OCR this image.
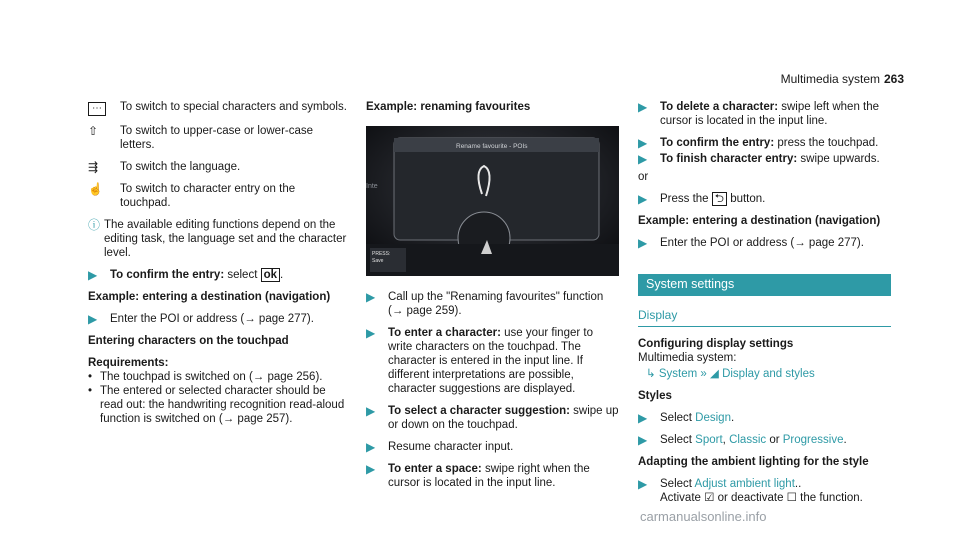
Multimedia system 263
⋯	To switch to special characters and symbols.
⇧	To switch to upper-case or lower-case letters.
⇶	To switch the language.
☝	To switch to character entry on the touchpad.
ⓘ The available editing functions depend on the editing task, the language set and the character level.
▶	To confirm the entry: select ok .
Example: entering a destination (navigation)
▶	Enter the POI or address (→ page 277).
Entering characters on the touchpad
Requirements:
• The touchpad is switched on (→ page 256).
• The entered or selected character should be read out: the handwriting recognition read-aloud function is switched on (→ page 257).
Example: renaming favourites
Rename favourite - POIs
Inte
PRESS:
Save
▶	Call up the "Renaming favourites" function (→ page 259).
▶	To enter a character: use your finger to write characters on the touchpad. The character is entered in the input line. If different interpretations are possible, character suggestions are displayed.
▶	To select a character suggestion: swipe up or down on the touchpad.
▶	Resume character input.
▶	To enter a space: swipe right when the cursor is located in the input line.
▶	To delete a character: swipe left when the cursor is located in the input line.
▶	To confirm the entry: press the touchpad.
▶	To finish character entry: swipe upwards.
or
▶	Press the ⮌ button.
Example: entering a destination (navigation)
▶	Enter the POI or address (→ page 277).
System settings
Display
Configuring display settings
Multimedia system:
↳ System » ◢ Display and styles
Styles
▶	Select Design.
▶	Select Sport, Classic or Progressive.
Adapting the ambient lighting for the style
▶	Select Adjust ambient light..
Activate ☑ or deactivate ☐ the function.
carmanualsonline.info
